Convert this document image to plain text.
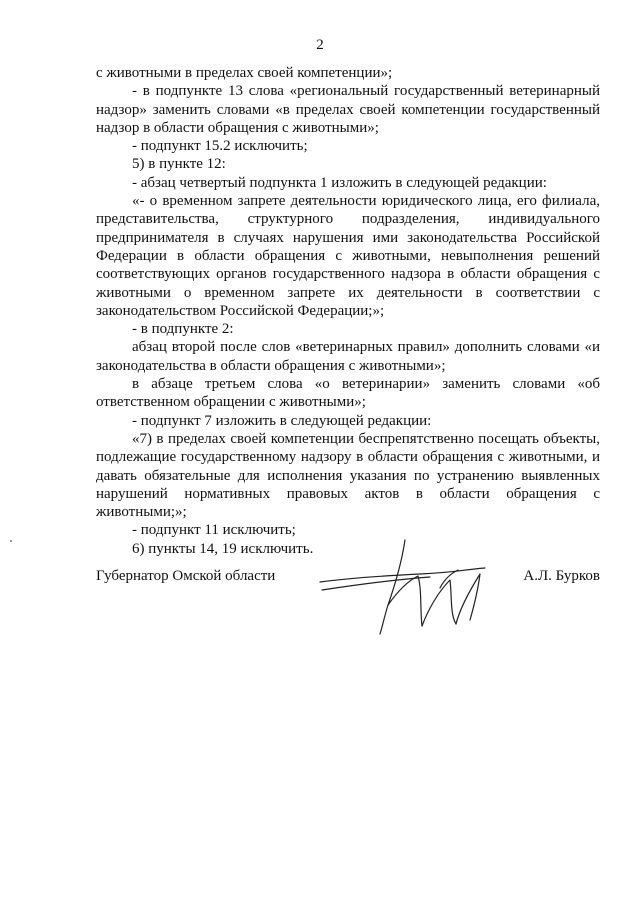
2

с животными в пределах своей компетенции»;

- в подпункте 13 слова «региональный государственный ветеринарный надзор» заменить словами «в пределах своей компетенции государственный надзор в области обращения с животными»;

- подпункт 15.2 исключить;

5) в пункте 12:

- абзац четвертый подпункта 1 изложить в следующей редакции:

«- о временном запрете деятельности юридического лица, его филиала, представительства, структурного подразделения, индивидуального предпринимателя в случаях нарушения ими законодательства Российской Федерации в области обращения с животными, невыполнения решений соответствующих органов государственного надзора в области обращения с животными о временном запрете их деятельности в соответствии с законодательством Российской Федерации;»;

- в подпункте 2:

абзац второй после слов «ветеринарных правил» дополнить словами «и законодательства в области обращения с животными»;

в абзаце третьем слова «о ветеринарии» заменить словами «об ответственном обращении с животными»;

- подпункт 7 изложить в следующей редакции:

«7) в пределах своей компетенции беспрепятственно посещать объекты, подлежащие государственному надзору в области обращения с животными, и давать обязательные для исполнения указания по устранению выявленных нарушений нормативных правовых актов в области обращения с животными;»;

- подпункт 11 исключить;

6) пункты 14, 19 исключить.

Губернатор Омской области	А.Л. Бурков
